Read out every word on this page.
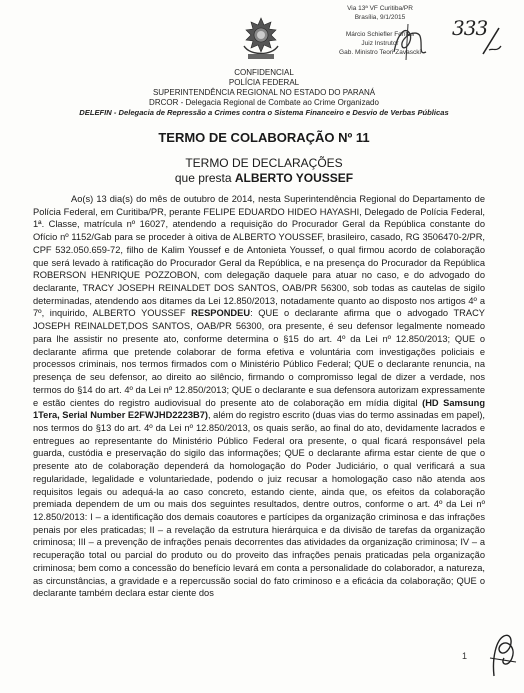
Via 13ª VF Curitiba/PR
Brasília, 9/1/2015
Márcio Schiefler Fontes
Juiz Instrutor
Gab. Ministro Teori Zavascki
333
CONFIDENCIAL
POLÍCIA FEDERAL
SUPERINTENDÊNCIA REGIONAL NO ESTADO DO PARANÁ
DRCOR - Delegacia Regional de Combate ao Crime Organizado
DELEFIN - Delegacia de Repressão a Crimes contra o Sistema Financeiro e Desvio de Verbas Públicas
TERMO DE COLABORAÇÃO Nº 11
TERMO DE DECLARAÇÕES
que presta ALBERTO YOUSSEF

Ao(s) 13 dia(s) do mês de outubro de 2014, nesta Superintendência Regional do Departamento de Polícia Federal, em Curitiba/PR, perante FELIPE EDUARDO HIDEO HAYASHI, Delegado de Polícia Federal, 1ª. Classe, matrícula nº 16027, atendendo a requisição do Procurador Geral da República constante do Ofício nº 1152/Gab para se proceder à oitiva de ALBERTO YOUSSEF, brasileiro, casado, RG 3506470-2/PR, CPF 532.050.659-72, filho de Kalim Youssef e de Antonieta Youssef, o qual firmou acordo de colaboração que será levado à ratificação do Procurador Geral da República, e na presença do Procurador da República ROBERSON HENRIQUE POZZOBON, com delegação daquele para atuar no caso, e do advogado do declarante, TRACY JOSEPH REINALDET DOS SANTOS, OAB/PR 56300, sob todas as cautelas de sigilo determinadas, atendendo aos ditames da Lei 12.850/2013, notadamente quanto ao disposto nos artigos 4º a 7º, inquirido, ALBERTO YOUSSEF RESPONDEU: QUE o declarante afirma que o advogado TRACY JOSEPH REINALDET,DOS SANTOS, OAB/PR 56300, ora presente, é seu defensor legalmente nomeado para lhe assistir no presente ato, conforme determina o §15 do art. 4º da Lei nº 12.850/2013; QUE o declarante afirma que pretende colaborar de forma efetiva e voluntária com investigações policiais e processos criminais, nos termos firmados com o Ministério Público Federal; QUE o declarante renuncia, na presença de seu defensor, ao direito ao silêncio, firmando o compromisso legal de dizer a verdade, nos termos do §14 do art. 4º da Lei nº 12.850/2013; QUE o declarante e sua defensora autorizam expressamente e estão cientes do registro audiovisual do presente ato de colaboração em mídia digital (HD Samsung 1Tera, Serial Number E2FWJHD2223B7), além do registro escrito (duas vias do termo assinadas em papel), nos termos do §13 do art. 4º da Lei nº 12.850/2013, os quais serão, ao final do ato, devidamente lacrados e entregues ao representante do Ministério Público Federal ora presente, o qual ficará responsável pela guarda, custódia e preservação do sigilo das informações; QUE o declarante afirma estar ciente de que o presente ato de colaboração dependerá da homologação do Poder Judiciário, o qual verificará a sua regularidade, legalidade e voluntariedade, podendo o juiz recusar a homologação caso não atenda aos requisitos legais ou adequá-la ao caso concreto, estando ciente, ainda que, os efeitos da colaboração premiada dependem de um ou mais dos seguintes resultados, dentre outros, conforme o art. 4º da Lei nº 12.850/2013: I – a identificação dos demais coautores e partícipes da organização criminosa e das infrações penais por eles praticadas; II – a revelação da estrutura hierárquica e da divisão de tarefas da organização criminosa; III – a prevenção de infrações penais decorrentes das atividades da organização criminosa; IV – a recuperação total ou parcial do produto ou do proveito das infrações penais praticadas pela organização criminosa; bem como a concessão do benefício levará em conta a personalidade do colaborador, a natureza, as circunstâncias, a gravidade e a repercussão social do fato criminoso e a eficácia da colaboração; QUE o declarante também declara estar ciente dos

1
